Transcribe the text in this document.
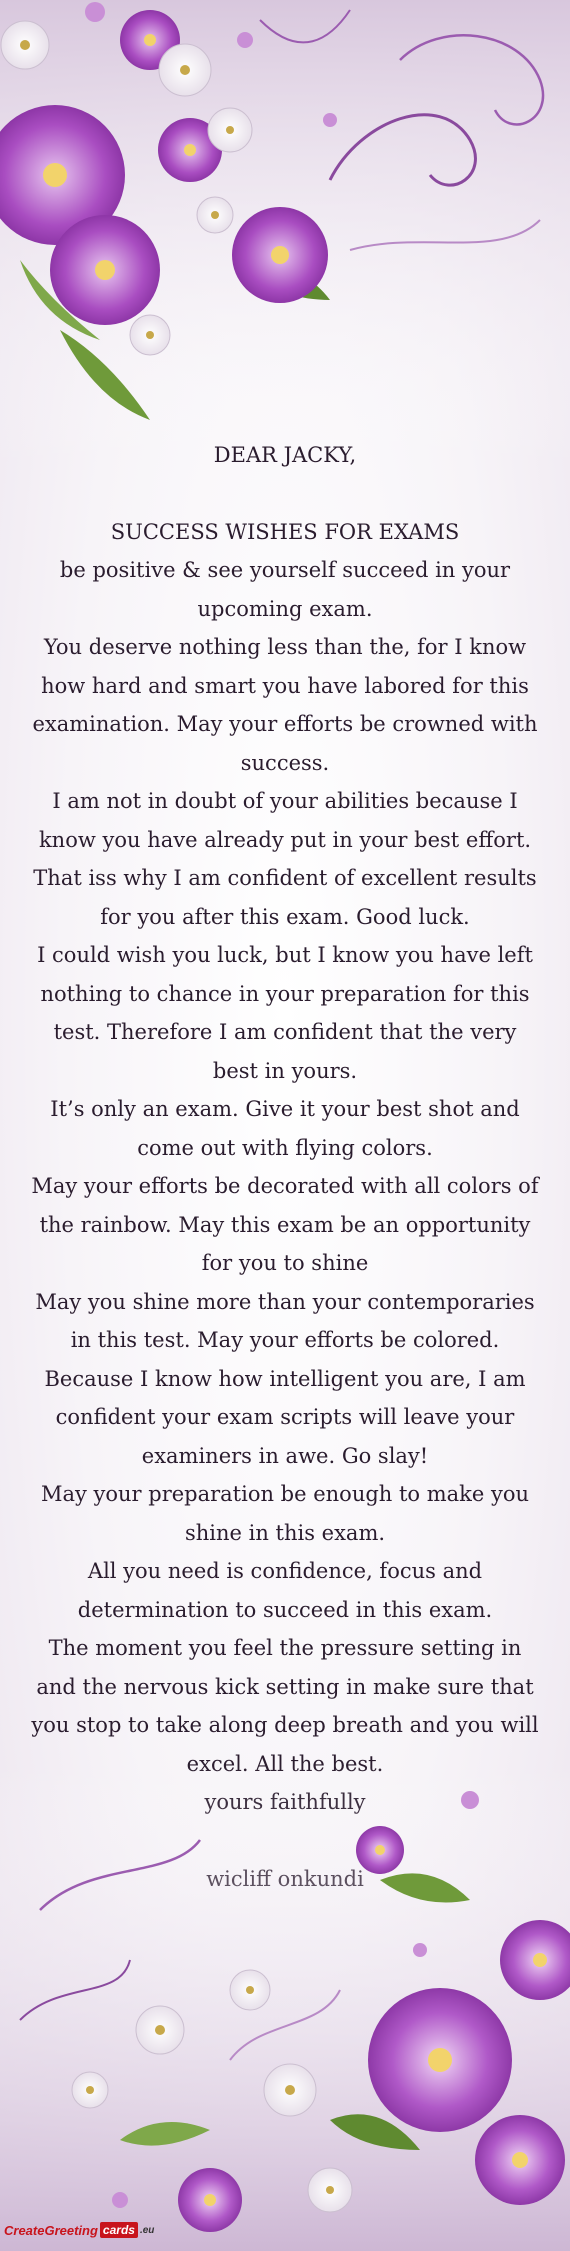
DEAR JACKY,

SUCCESS WISHES FOR EXAMS

be positive & see yourself succeed in your upcoming exam.

You deserve nothing less than the, for I know how hard and smart you have labored for this examination. May your efforts be crowned with success.

I am not in doubt of your abilities because I know you have already put in your best effort. That iss why I am confident of excellent results for you after this exam. Good luck.

I could wish you luck, but I know you have left nothing to chance in your preparation for this test. Therefore I am confident that the very best in yours.

It’s only an exam. Give it your best shot and come out with flying colors.

May your efforts be decorated with all colors of the rainbow. May this exam be an opportunity for you to shine

May you shine more than your contemporaries in this test. May your efforts be colored.

Because I know how intelligent you are, I am confident your exam scripts will leave your examiners in awe. Go slay!

May your preparation be enough to make you shine in this exam.

All you need is confidence, focus and determination to succeed in this exam.

The moment you feel the pressure setting in and the nervous kick setting in make sure that you stop to take along deep breath and you will

CreateGreeting cards .eu
